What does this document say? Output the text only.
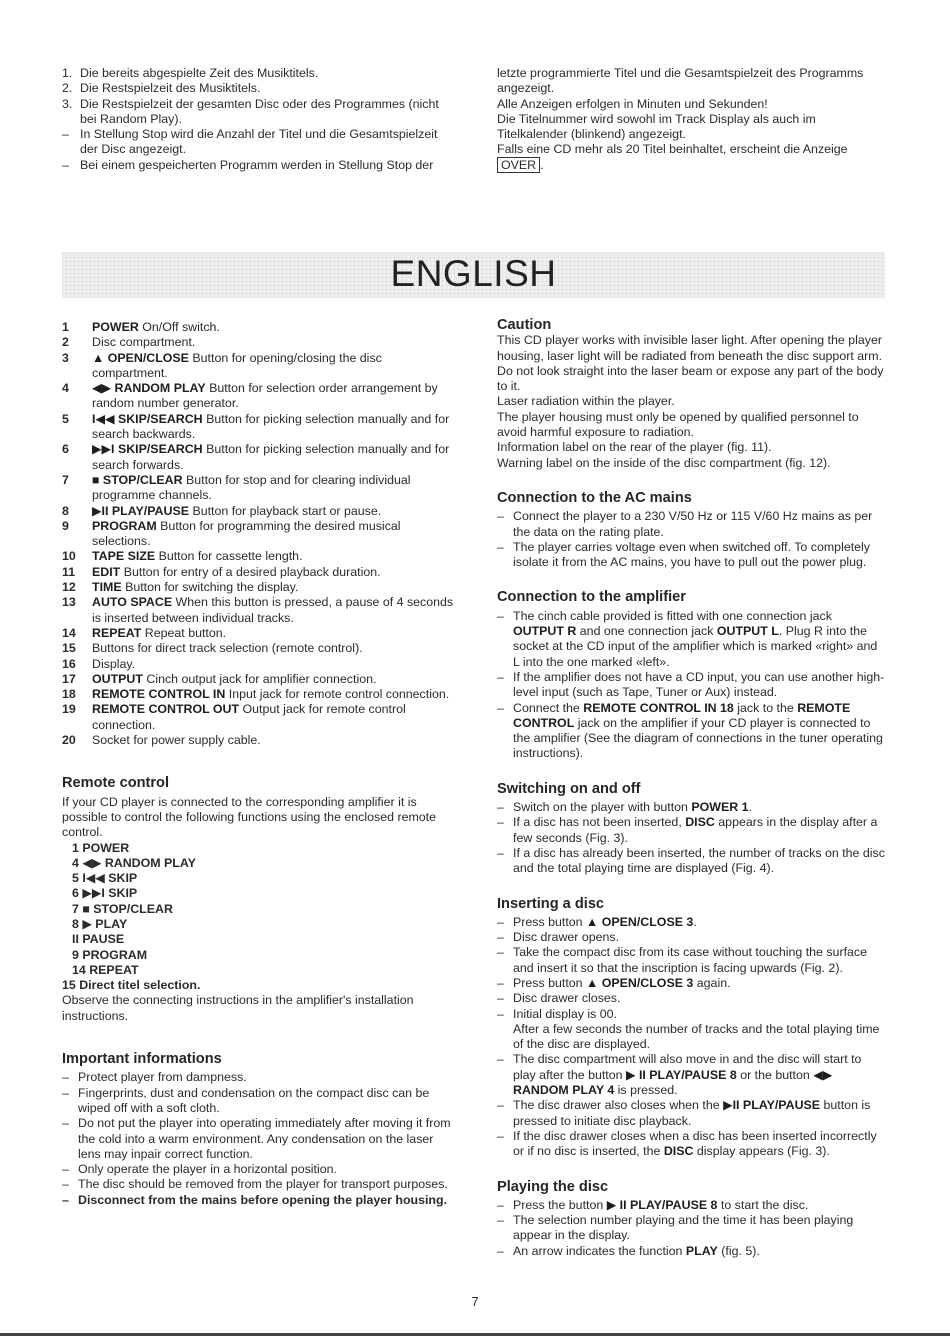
1. Die bereits abgespielte Zeit des Musiktitels.
2. Die Restspielzeit des Musiktitels.
3. Die Restspielzeit der gesamten Disc oder des Programmes (nicht bei Random Play).
– In Stellung Stop wird die Anzahl der Titel und die Gesamtspielzeit der Disc angezeigt.
– Bei einem gespeicherten Programm werden in Stellung Stop der
letzte programmierte Titel und die Gesamtspielzeit des Programms angezeigt.
Alle Anzeigen erfolgen in Minuten und Sekunden!
Die Titelnummer wird sowohl im Track Display als auch im Titelkalender (blinkend) angezeigt.
Falls eine CD mehr als 20 Titel beinhaltet, erscheint die Anzeige
OVER .
ENGLISH
1	POWER On/Off switch.
2	Disc compartment.
3	▲ OPEN/CLOSE Button for opening/closing the disc compartment.
4	◀▶ RANDOM PLAY Button for selection order arrangement by random number generator.
5	I◀◀ SKIP/SEARCH Button for picking selection manually and for search backwards.
6	▶▶I SKIP/SEARCH Button for picking selection manually and for search forwards.
7	■ STOP/CLEAR Button for stop and for clearing individual programme channels.
8	▶II PLAY/PAUSE Button for playback start or pause.
9	PROGRAM Button for programming the desired musical selections.
10	TAPE SIZE Button for cassette length.
11	EDIT Button for entry of a desired playback duration.
12	TIME Button for switching the display.
13	AUTO SPACE When this button is pressed, a pause of 4 seconds is inserted between individual tracks.
14	REPEAT Repeat button.
15	Buttons for direct track selection (remote control).
16	Display.
17	OUTPUT Cinch output jack for amplifier connection.
18	REMOTE CONTROL IN Input jack for remote control connection.
19	REMOTE CONTROL OUT Output jack for remote control connection.
20	Socket for power supply cable.
Remote control
If your CD player is connected to the corresponding amplifier it is possible to control the following functions using the enclosed remote control.
1 POWER
4 ◀▶ RANDOM PLAY
5 I◀◀ SKIP
6 ▶▶I SKIP
7 ■ STOP/CLEAR
8 ▶ PLAY
II PAUSE
9 PROGRAM
14 REPEAT
15 Direct titel selection.
Observe the connecting instructions in the amplifier's installation instructions.
Important informations
– Protect player from dampness.
– Fingerprints, dust and condensation on the compact disc can be wiped off with a soft cloth.
– Do not put the player into operating immediately after moving it from the cold into a warm environment. Any condensation on the laser lens may inpair correct function.
– Only operate the player in a horizontal position.
– The disc should be removed from the player for transport purposes.
– Disconnect from the mains before opening the player housing.
Caution
This CD player works with invisible laser light. After opening the player housing, laser light will be radiated from beneath the disc support arm.
Do not look straight into the laser beam or expose any part of the body to it.
Laser radiation within the player.
The player housing must only be opened by qualified personnel to avoid harmful exposure to radiation.
Information label on the rear of the player (fig. 11).
Warning label on the inside of the disc compartment (fig. 12).
Connection to the AC mains
– Connect the player to a 230 V/50 Hz or 115 V/60 Hz mains as per the data on the rating plate.
– The player carries voltage even when switched off. To completely isolate it from the AC mains, you have to pull out the power plug.
Connection to the amplifier
– The cinch cable provided is fitted with one connection jack OUTPUT R and one connection jack OUTPUT L. Plug R into the socket at the CD input of the amplifier which is marked «right» and L into the one marked «left».
– If the amplifier does not have a CD input, you can use another high-level input (such as Tape, Tuner or Aux) instead.
– Connect the REMOTE CONTROL IN 18 jack to the REMOTE CONTROL jack on the amplifier if your CD player is connected to the amplifier (See the diagram of connections in the tuner operating instructions).
Switching on and off
– Switch on the player with button POWER 1.
– If a disc has not been inserted, DISC appears in the display after a few seconds (Fig. 3).
– If a disc has already been inserted, the number of tracks on the disc and the total playing time are displayed (Fig. 4).
Inserting a disc
– Press button ▲ OPEN/CLOSE 3.
– Disc drawer opens.
– Take the compact disc from its case without touching the surface and insert it so that the inscription is facing upwards (Fig. 2).
– Press button ▲ OPEN/CLOSE 3 again.
– Disc drawer closes.
– Initial display is 00.
After a few seconds the number of tracks and the total playing time of the disc are displayed.
– The disc compartment will also move in and the disc will start to play after the button ▶ II PLAY/PAUSE 8 or the button ◀▶ RANDOM PLAY 4 is pressed.
– The disc drawer also closes when the ▶II PLAY/PAUSE button is pressed to initiate disc playback.
– If the disc drawer closes when a disc has been inserted incorrectly or if no disc is inserted, the DISC display appears (Fig. 3).
Playing the disc
– Press the button ▶ II PLAY/PAUSE 8 to start the disc.
– The selection number playing and the time it has been playing appear in the display.
– An arrow indicates the function PLAY (fig. 5).
7
